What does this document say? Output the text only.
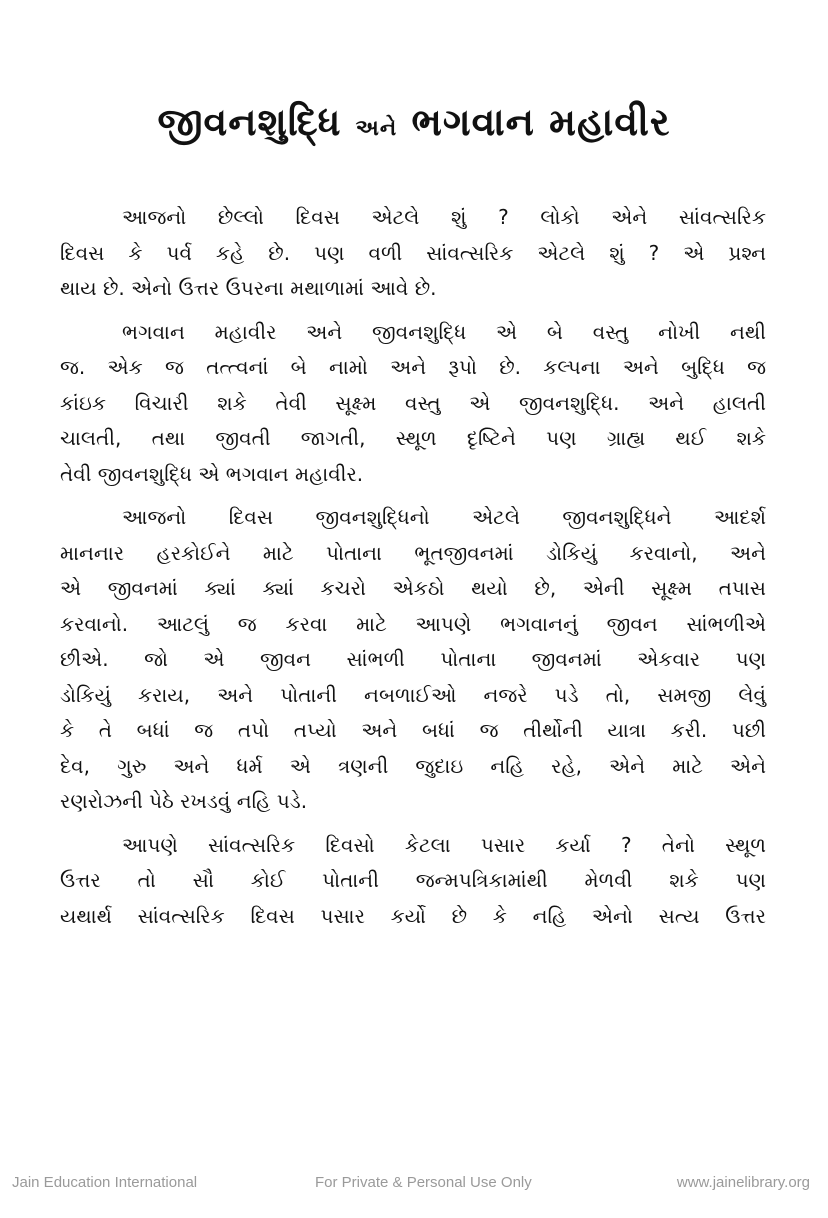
જીવનશુદ્ધિ અને ભગવાન મહાવીર

આજનો છેલ્લો દિવસ એટલે શું ? લોકો એને સાંવત્સરિક
દિવસ કે પર્વ કહે છે. પણ વળી સાંવત્સરિક એટલે શું ? એ પ્રશ્ન
થાય છે. એનો ઉત્તર ઉપરના મથાળામાં આવે છે.

ભગવાન મહાવીર અને જીવનશુદ્ધિ એ બે વસ્તુ નોખી નથી
જ. એક જ તત્ત્વનાં બે નામો અને રૂપો છે. કલ્પના અને બુદ્ધિ જ
કાંઇક વિચારી શકે તેવી સૂક્ષ્મ વસ્તુ એ જીવનશુદ્ધિ. અને હાલતી
ચાલતી, તથા જીવતી જાગતી, સ્થૂળ દૃષ્ટિને પણ ગ્રાહ્ય થઈ શકે
તેવી જીવનશુદ્ધિ એ ભગવાન મહાવીર.

આજનો દિવસ જીવનશુદ્ધિનો એટલે જીવનશુદ્ધિને આદર્શ
માનનાર હરકોઈને માટે પોતાના ભૂતજીવનમાં ડોકિયું કરવાનો, અને
એ જીવનમાં ક્યાં ક્યાં કચરો એકઠો થયો છે, એની સૂક્ષ્મ તપાસ
કરવાનો. આટલું જ કરવા માટે આપણે ભગવાનનું જીવન સાંભળીએ
છીએ. જો એ જીવન સાંભળી પોતાના જીવનમાં એકવાર પણ
ડોકિયું કરાય, અને પોતાની નબળાઈઓ નજરે પડે તો, સમજી લેવું
કે તે બધાં જ તપો તપ્યો અને બધાં જ તીર્થોની યાત્રા કરી. પછી
દેવ, ગુરુ અને ધર્મ એ ત્રણની જુદાઇ નહિ રહે, એને માટે એને
રણરોઝની પેઠે રખડવું નહિ પડે.

આપણે સાંવત્સરિક દિવસો કેટલા પસાર કર્યા ? તેનો સ્થૂળ
ઉત્તર તો સૌ કોઈ પોતાની જન્મપત્રિકામાંથી મેળવી શકે પણ
યથાર્થ સાંવત્સરિક દિવસ પસાર કર્યો છે કે નહિ એનો સત્ય ઉત્તર

Jain Education International	For Private & Personal Use Only	www.jainelibrary.org
